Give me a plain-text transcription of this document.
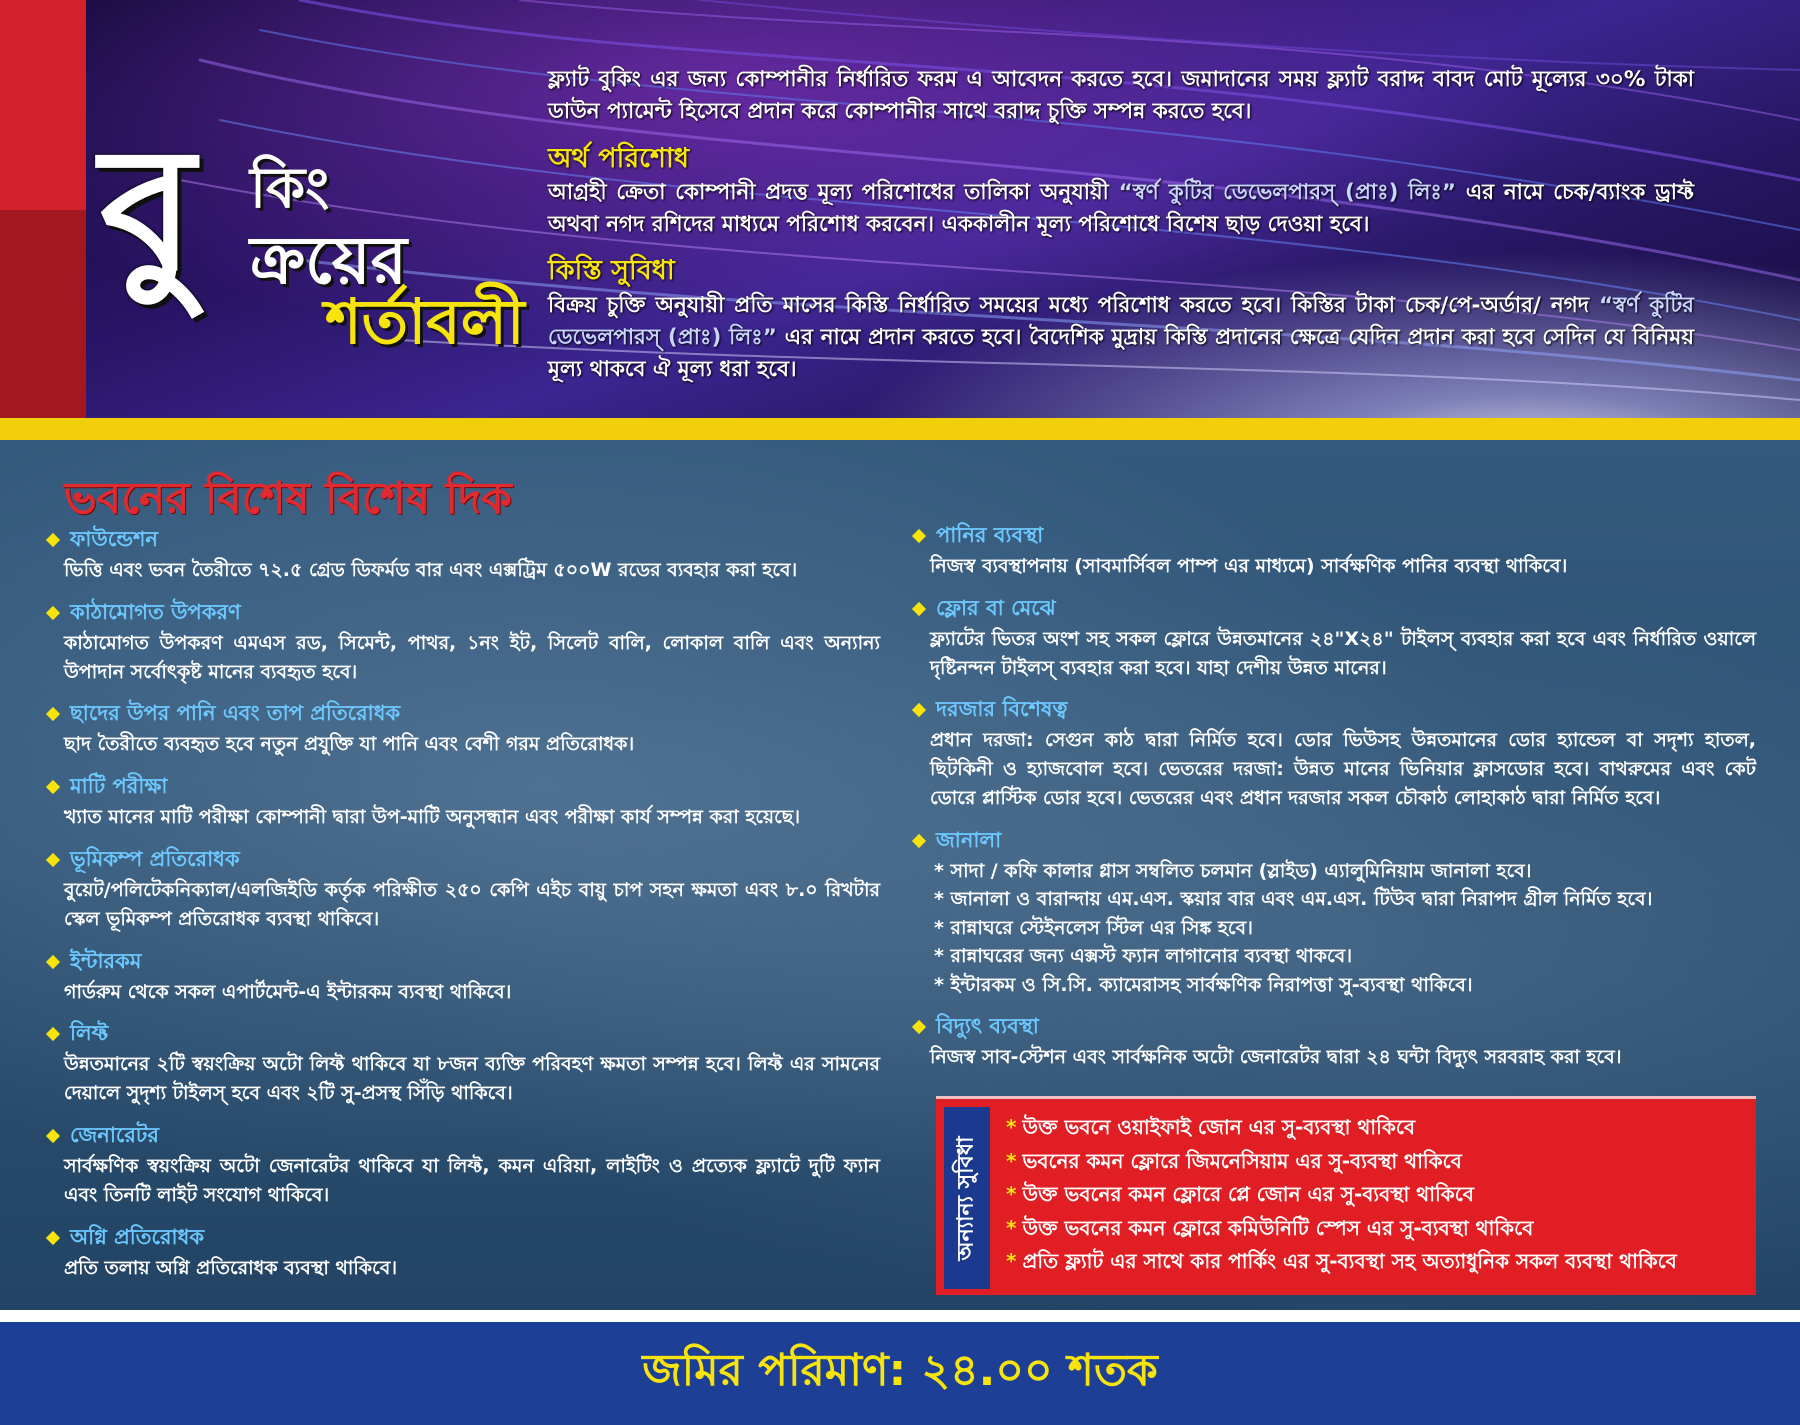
বু কিং
ক্রয়ের
শর্তাবলী

ফ্ল্যাট বুকিং এর জন্য কোম্পানীর নির্ধারিত ফরম এ আবেদন করতে হবে। জমাদানের সময় ফ্ল্যাট বরাদ্দ বাবদ মোট মূল্যের ৩০% টাকা ডাউন প্যামেন্ট হিসেবে প্রদান করে কোম্পানীর সাথে বরাদ্দ চুক্তি সম্পন্ন করতে হবে।

অর্থ পরিশোধ

আগ্রহী ক্রেতা কোম্পানী প্রদত্ত মূল্য পরিশোধের তালিকা অনুযায়ী “স্বর্ণ কুটির ডেভেলপারস্ (প্রাঃ) লিঃ” এর নামে চেক/ব্যাংক ড্রাফ্ট অথবা নগদ রশিদের মাধ্যমে পরিশোধ করবেন। এককালীন মূল্য পরিশোধে বিশেষ ছাড় দেওয়া হবে।

কিস্তি সুবিধা

বিক্রয় চুক্তি অনুযায়ী প্রতি মাসের কিস্তি নির্ধারিত সময়ের মধ্যে পরিশোধ করতে হবে। কিস্তির টাকা চেক/পে-অর্ডার/ নগদ “স্বর্ণ কুটির ডেভেলপারস্ (প্রাঃ) লিঃ” এর নামে প্রদান করতে হবে। বৈদেশিক মুদ্রায় কিস্তি প্রদানের ক্ষেত্রে যেদিন প্রদান করা হবে সেদিন যে বিনিময় মূল্য থাকবে ঐ মূল্য ধরা হবে।

ভবনের বিশেষ বিশেষ দিক
ফাউন্ডেশন
ভিত্তি এবং ভবন তৈরীতে ৭২.৫ গ্রেড ডিফর্মড বার এবং এক্সট্রিম ৫০০W রডের ব্যবহার করা হবে।
কাঠামোগত উপকরণ
কাঠামোগত উপকরণ এমএস রড, সিমেন্ট, পাথর, ১নং ইট, সিলেট বালি, লোকাল বালি এবং অন্যান্য উপাদান সর্বোৎকৃষ্ট মানের ব্যবহৃত হবে।
ছাদের উপর পানি এবং তাপ প্রতিরোধক
ছাদ তৈরীতে ব্যবহৃত হবে নতুন প্রযুক্তি যা পানি এবং বেশী গরম প্রতিরোধক।
মাটি পরীক্ষা
খ্যাত মানের মাটি পরীক্ষা কোম্পানী দ্বারা উপ-মাটি অনুসন্ধান এবং পরীক্ষা কার্য সম্পন্ন করা হয়েছে।
ভূমিকম্প প্রতিরোধক
বুয়েট/পলিটেকনিক্যাল/এলজিইডি কর্তৃক পরিক্ষীত ২৫০ কেপি এইচ বায়ু চাপ সহন ক্ষমতা এবং ৮.০ রিখটার স্কেল ভূমিকম্প প্রতিরোধক ব্যবস্থা থাকিবে।
ইন্টারকম
গার্ডরুম থেকে সকল এপার্টমেন্ট-এ ইন্টারকম ব্যবস্থা থাকিবে।
লিফ্ট
উন্নতমানের ২টি স্বয়ংক্রিয় অটো লিফ্ট থাকিবে যা ৮জন ব্যক্তি পরিবহণ ক্ষমতা সম্পন্ন হবে। লিফ্ট এর সামনের দেয়ালে সুদৃশ্য টাইলস্ হবে এবং ২টি সু-প্রসস্থ সিঁড়ি থাকিবে।
জেনারেটর
সার্বক্ষণিক স্বয়ংক্রিয় অটো জেনারেটর থাকিবে যা লিফ্ট, কমন এরিয়া, লাইটিং ও প্রত্যেক ফ্ল্যাটে দুটি ফ্যান এবং তিনটি লাইট সংযোগ থাকিবে।
অগ্নি প্রতিরোধক
প্রতি তলায় অগ্নি প্রতিরোধক ব্যবস্থা থাকিবে।
পানির ব্যবস্থা
নিজস্ব ব্যবস্থাপনায় (সাবমার্সিবল পাম্প এর মাধ্যমে) সার্বক্ষণিক পানির ব্যবস্থা থাকিবে।
ফ্লোর বা মেঝে
ফ্ল্যাটের ভিতর অংশ সহ সকল ফ্লোরে উন্নতমানের ২৪"X২৪" টাইলস্ ব্যবহার করা হবে এবং নির্ধারিত ওয়ালে দৃষ্টিনন্দন টাইলস্ ব্যবহার করা হবে। যাহা দেশীয় উন্নত মানের।
দরজার বিশেষত্ব
প্রধান দরজা: সেগুন কাঠ দ্বারা নির্মিত হবে। ডোর ভিউসহ উন্নতমানের ডোর হ্যান্ডেল বা সদৃশ্য হাতল, ছিটকিনী ও হ্যাজবোল হবে। ভেতরের দরজা: উন্নত মানের ভিনিয়ার ফ্লাসডোর হবে। বাথরুমের এবং কেট ডোরে প্লাস্টিক ডোর হবে। ভেতরের এবং প্রধান দরজার সকল চৌকাঠ লোহাকাঠ দ্বারা নির্মিত হবে।
জানালা
* সাদা / কফি কালার গ্লাস সম্বলিত চলমান (স্লাইড) এ্যালুমিনিয়াম জানালা হবে।
* জানালা ও বারান্দায় এম.এস. স্কয়ার বার এবং এম.এস. টিউব দ্বারা নিরাপদ গ্রীল নির্মিত হবে।
* রান্নাঘরে স্টেইনলেস স্টিল এর সিঙ্ক হবে।
* রান্নাঘরের জন্য এক্সস্ট ফ্যান লাগানোর ব্যবস্থা থাকবে।
* ইন্টারকম ও সি.সি. ক্যামেরাসহ সার্বক্ষণিক নিরাপত্তা সু-ব্যবস্থা থাকিবে।
বিদ্যুৎ ব্যবস্থা
নিজস্ব সাব-স্টেশন এবং সার্বক্ষনিক অটো জেনারেটর দ্বারা ২৪ ঘন্টা বিদ্যুৎ সরবরাহ করা হবে।
অন্যান্য সুবিধা
* উক্ত ভবনে ওয়াইফাই জোন এর সু-ব্যবস্থা থাকিবে
* ভবনের কমন ফ্লোরে জিমনেসিয়াম এর সু-ব্যবস্থা থাকিবে
* উক্ত ভবনের কমন ফ্লোরে প্লে জোন এর সু-ব্যবস্থা থাকিবে
* উক্ত ভবনের কমন ফ্লোরে কমিউনিটি স্পেস এর সু-ব্যবস্থা থাকিবে
* প্রতি ফ্ল্যাট এর সাথে কার পার্কিং এর সু-ব্যবস্থা সহ অত্যাধুনিক সকল ব্যবস্থা থাকিবে
জমির পরিমাণ: ২৪.০০ শতক
